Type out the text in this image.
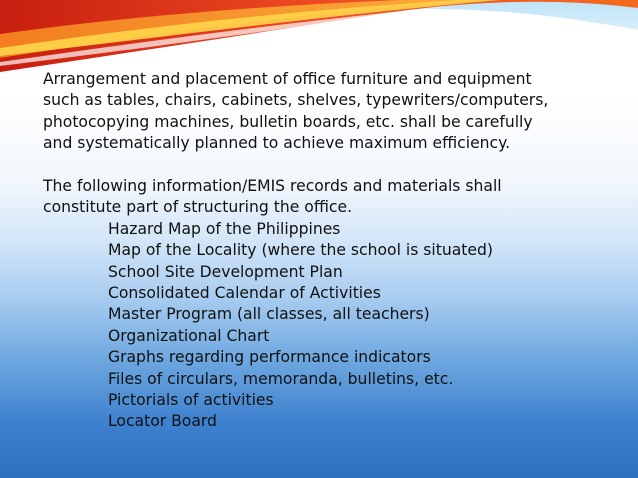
Arrangement and placement of office furniture and equipment

such as tables, chairs, cabinets, shelves, typewriters/computers,

photocopying machines, bulletin boards, etc. shall be carefully

and systematically planned to achieve maximum efficiency.

The following information/EMIS records and materials shall

constitute part of structuring the office.

Hazard Map of the Philippines
Map of the Locality (where the school is situated)
School Site Development Plan
Consolidated Calendar of Activities
Master Program (all classes, all teachers)
Organizational Chart
Graphs regarding performance indicators
Files of circulars, memoranda, bulletins, etc.
Pictorials of activities
Locator Board
